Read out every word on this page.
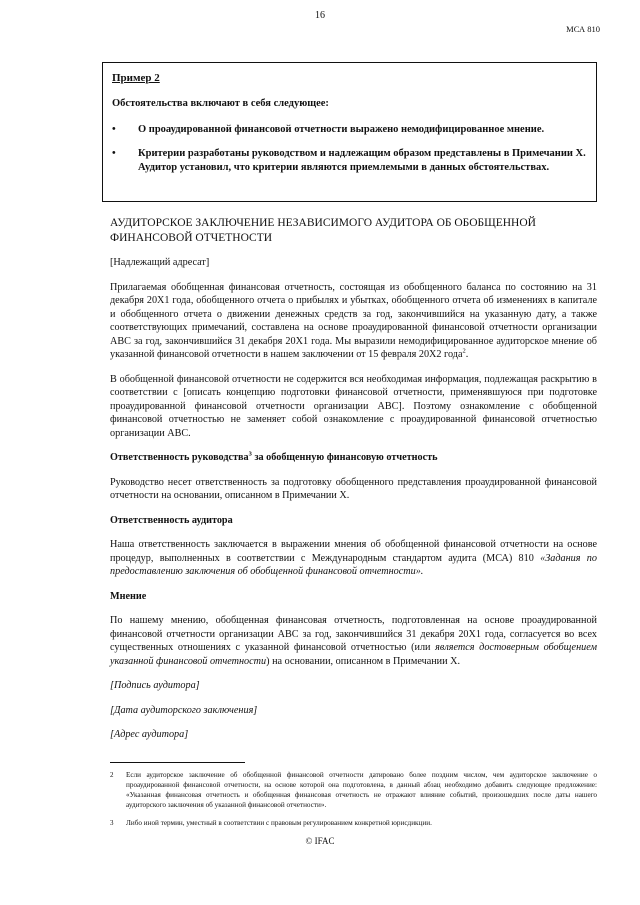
16
МСА 810
Пример 2
Обстоятельства включают в себя следующее:
•	О проаудированной финансовой отчетности выражено немодифицированное мнение.
•	Критерии разработаны руководством и надлежащим образом представлены в Примечании X. Аудитор установил, что критерии являются приемлемыми в данных обстоятельствах.
АУДИТОРСКОЕ ЗАКЛЮЧЕНИЕ НЕЗАВИСИМОГО АУДИТОРА ОБ ОБОБЩЕННОЙ ФИНАНСОВОЙ ОТЧЕТНОСТИ

[Надлежащий адресат]

Прилагаемая обобщенная финансовая отчетность, состоящая из обобщенного баланса по состоянию на 31 декабря 20X1 года, обобщенного отчета о прибылях и убытках, обобщенного отчета об изменениях в капитале и обобщенного отчета о движении денежных средств за год, закончившийся на указанную дату, а также соответствующих примечаний, составлена на основе проаудированной финансовой отчетности организации ABC за год, закончившийся 31 декабря 20X1 года. Мы выразили немодифицированное аудиторское мнение об указанной финансовой отчетности в нашем заключении от 15 февраля 20X2 года$^2$.

В обобщенной финансовой отчетности не содержится вся необходимая информация, подлежащая раскрытию в соответствии с [описать концепцию подготовки финансовой отчетности, применявшуюся при подготовке проаудированной финансовой отчетности организации ABC]. Поэтому ознакомление с обобщенной финансовой отчетностью не заменяет собой ознакомление с проаудированной финансовой отчетностью организации ABC.

Ответственность руководства$^3$ за обобщенную финансовую отчетность

Руководство несет ответственность за подготовку обобщенного представления проаудированной финансовой отчетности на основании, описанном в Примечании X.

Ответственность аудитора

Наша ответственность заключается в выражении мнения об обобщенной финансовой отчетности на основе процедур, выполненных в соответствии с Международным стандартом аудита (МСА) 810 «Задания по предоставлению заключения об обобщенной финансовой отчетности».

Мнение

По нашему мнению, обобщенная финансовая отчетность, подготовленная на основе проаудированной финансовой отчетности организации ABC за год, закончившийся 31 декабря 20X1 года, согласуется во всех существенных отношениях с указанной финансовой отчетностью (или является достоверным обобщением указанной финансовой отчетности) на основании, описанном в Примечании X.

[Подпись аудитора]

[Дата аудиторского заключения]

[Адрес аудитора]

2	Если аудиторское заключение об обобщенной финансовой отчетности датировано более поздним числом, чем аудиторское заключение о проаудированной финансовой отчетности, на основе которой она подготовлена, в данный абзац необходимо добавить следующее предложение: «Указанная финансовая отчетность и обобщенная финансовая отчетность не отражают влияние событий, произошедших после даты нашего аудиторского заключения об указанной финансовой отчетности».
3	Либо иной термин, уместный в соответствии с правовым регулированием конкретной юрисдикции.
© IFAC
